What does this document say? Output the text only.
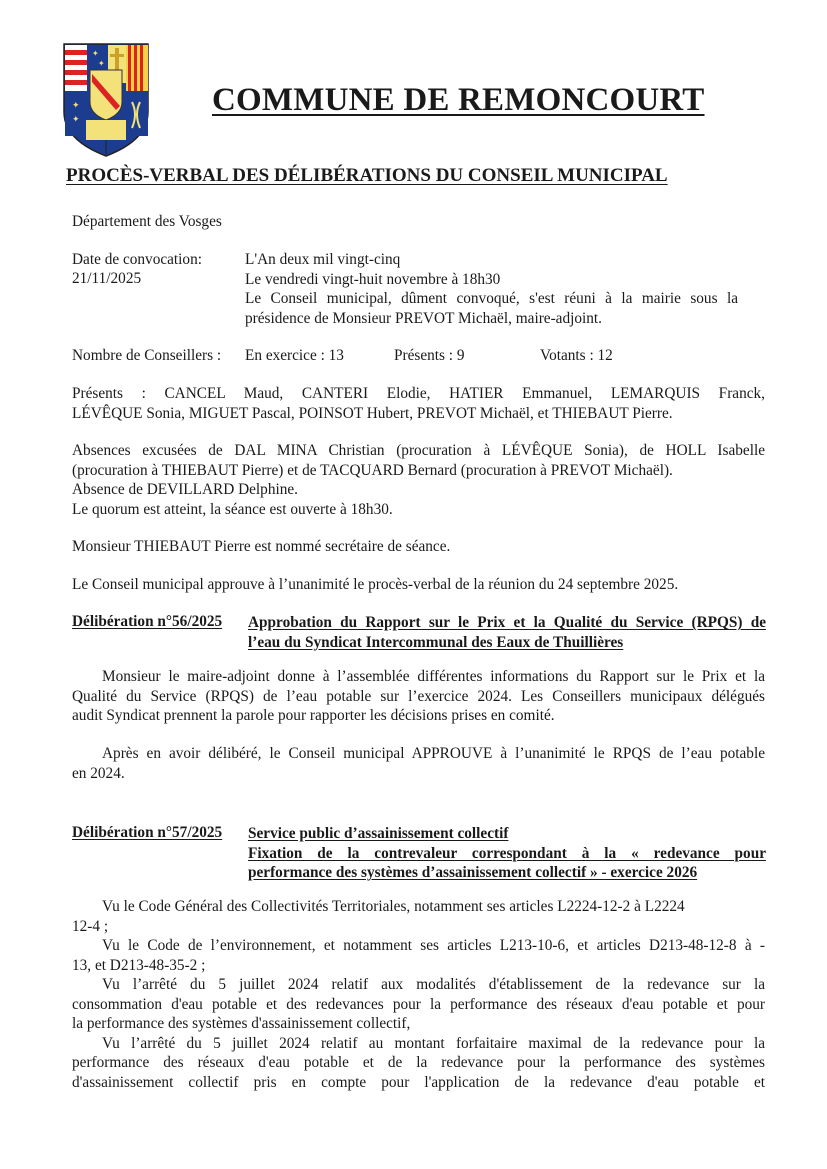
✦
✦
✦
✦
COMMUNE DE REMONCOURT
PROCÈS-VERBAL DES DÉLIBÉRATIONS DU CONSEIL MUNICIPAL
Département des Vosges
Date de convocation:
21/11/2025
L'An deux mil vingt-cinq
Le vendredi vingt-huit novembre à 18h30
Le Conseil municipal, dûment convoqué, s'est réuni à la mairie sous la
présidence de Monsieur PREVOT Michaël, maire-adjoint.
Nombre de Conseillers : En exercice : 13	Présents : 9	Votants : 12
Présents : CANCEL Maud, CANTERI Elodie, HATIER Emmanuel, LEMARQUIS Franck,
LÉVÊQUE Sonia, MIGUET Pascal, POINSOT Hubert, PREVOT Michaël, et THIEBAUT Pierre.
Absences excusées de DAL MINA Christian (procuration à LÉVÊQUE Sonia), de HOLL Isabelle
(procuration à THIEBAUT Pierre) et de TACQUARD Bernard (procuration à PREVOT Michaël).
Absence de DEVILLARD Delphine.
Le quorum est atteint, la séance est ouverte à 18h30.
Monsieur THIEBAUT Pierre est nommé secrétaire de séance.
Le Conseil municipal approuve à l’unanimité le procès-verbal de la réunion du 24 septembre 2025.
Délibération n°56/2025 Approbation du Rapport sur le Prix et la Qualité du Service (RPQS) de
l’eau du Syndicat Intercommunal des Eaux de Thuillières
Monsieur le maire-adjoint donne à l’assemblée différentes informations du Rapport sur le Prix et la
Qualité du Service (RPQS) de l’eau potable sur l’exercice 2024. Les Conseillers municipaux délégués
audit Syndicat prennent la parole pour rapporter les décisions prises en comité.
Après en avoir délibéré, le Conseil municipal APPROUVE à l’unanimité le RPQS de l’eau potable
en 2024.
Délibération n°57/2025 Service public d’assainissement collectif
Fixation de la contrevaleur correspondant à la « redevance pour
performance des systèmes d’assainissement collectif » - exercice 2026
Vu le Code Général des Collectivités Territoriales, notamment ses articles L2224-12-2 à L2224
12-4 ;
Vu le Code de l’environnement, et notamment ses articles L213-10-6, et articles D213-48-12-8 à -
13, et D213-48-35-2 ;
Vu l’arrêté du 5 juillet 2024 relatif aux modalités d'établissement de la redevance sur la
consommation d'eau potable et des redevances pour la performance des réseaux d'eau potable et pour
la performance des systèmes d'assainissement collectif,
Vu l’arrêté du 5 juillet 2024 relatif au montant forfaitaire maximal de la redevance pour la
performance des réseaux d'eau potable et de la redevance pour la performance des systèmes
d'assainissement collectif pris en compte pour l'application de la redevance d'eau potable et
